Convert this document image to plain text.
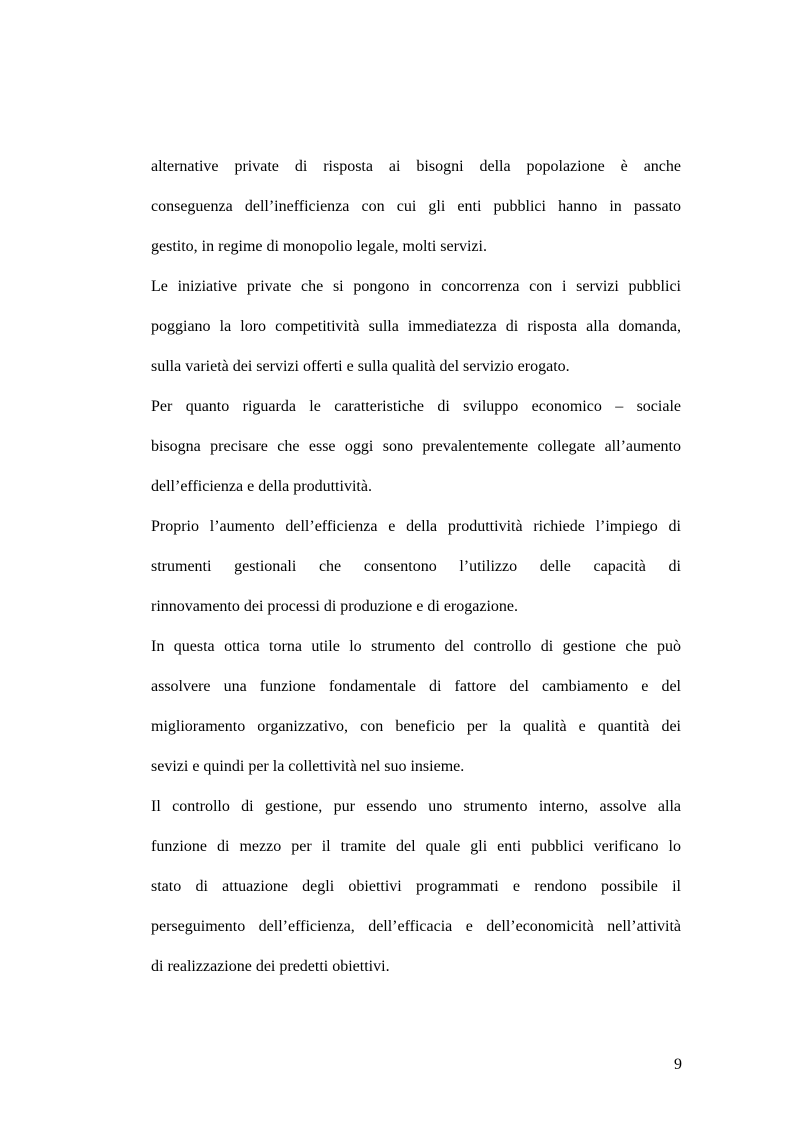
alternative private di risposta ai bisogni della popolazione è anche
conseguenza dell’inefficienza con cui gli enti pubblici hanno in passato
gestito, in regime di monopolio legale, molti servizi.
Le iniziative private che si pongono in concorrenza con i servizi pubblici
poggiano la loro competitività sulla immediatezza di risposta alla domanda,
sulla varietà dei servizi offerti e sulla qualità del servizio erogato.
Per quanto riguarda le caratteristiche di sviluppo economico – sociale
bisogna precisare che esse oggi sono prevalentemente collegate all’aumento
dell’efficienza e della produttività.
Proprio l’aumento dell’efficienza e della produttività richiede l’impiego di
strumenti gestionali che consentono l’utilizzo delle capacità di
rinnovamento dei processi di produzione e di erogazione.
In questa ottica torna utile lo strumento del controllo di gestione che può
assolvere una funzione fondamentale di fattore del cambiamento e del
miglioramento organizzativo, con beneficio per la qualità e quantità dei
sevizi e quindi per la collettività nel suo insieme.
Il controllo di gestione, pur essendo uno strumento interno, assolve alla
funzione di mezzo per il tramite del quale gli enti pubblici verificano lo
stato di attuazione degli obiettivi programmati e rendono possibile il
perseguimento dell’efficienza, dell’efficacia e dell’economicità nell’attività
di realizzazione dei predetti obiettivi.
9
